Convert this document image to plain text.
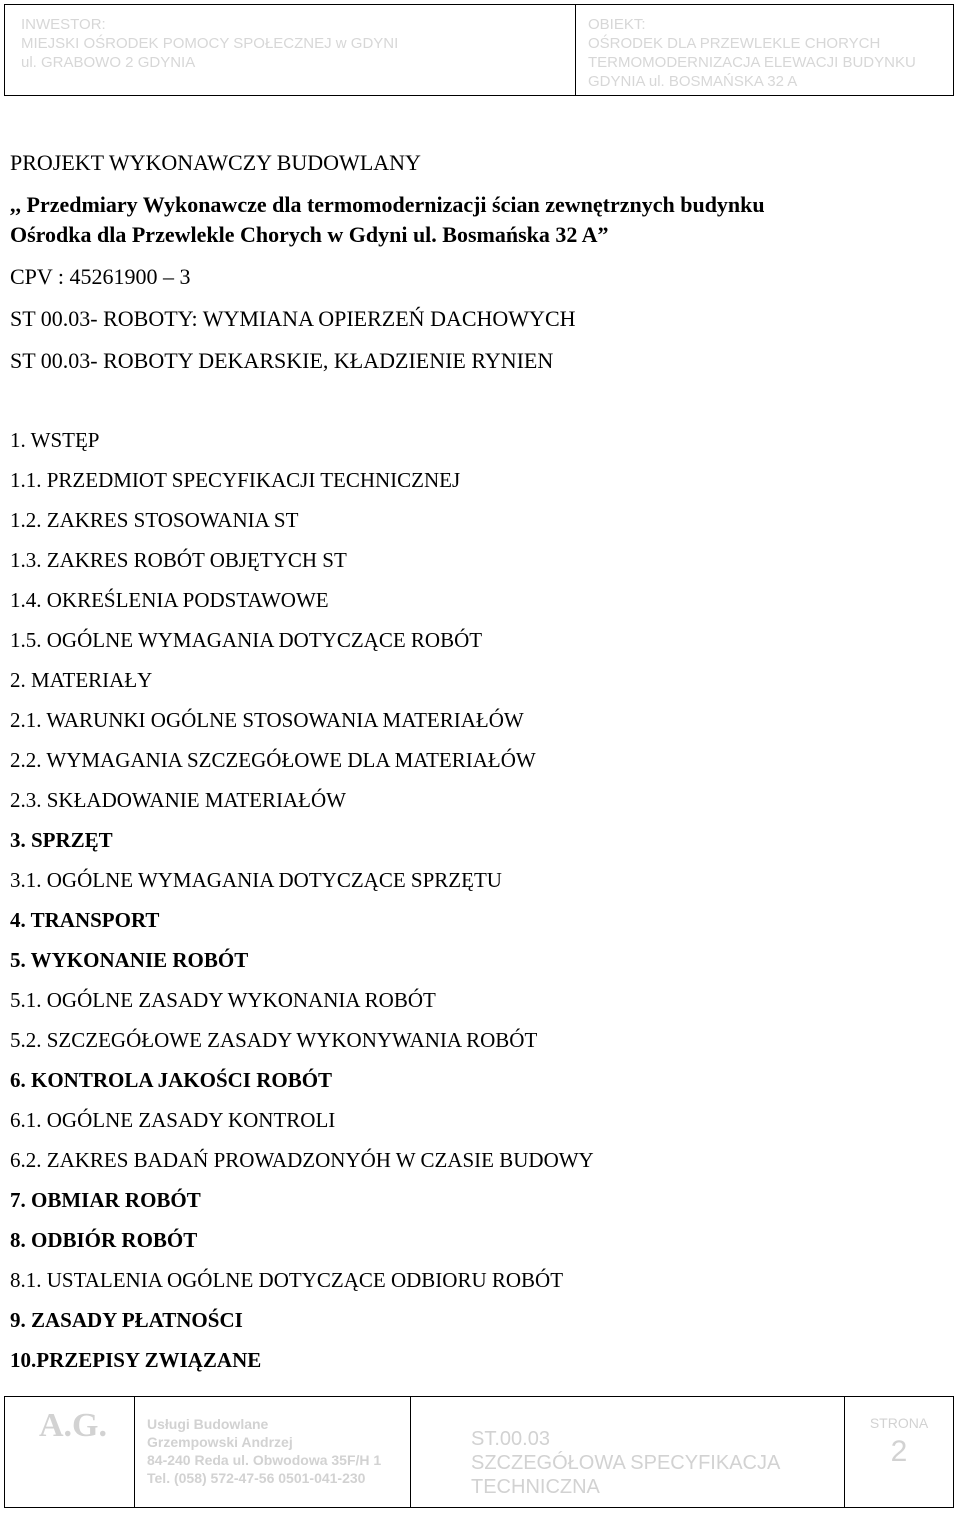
INWESTOR:
MIEJSKI OŚRODEK POMOCY SPOŁECZNEJ w GDYNI
ul. GRABOWO 2 GDYNIA
OBIEKT:
OŚRODEK DLA PRZEWLEKLE CHORYCH
TERMOMODERNIZACJA ELEWACJI BUDYNKU
GDYNIA ul. BOSMAŃSKA 32 A
PROJEKT WYKONAWCZY BUDOWLANY
,, Przedmiary Wykonawcze dla termomodernizacji ścian zewnętrznych budynku
Ośrodka dla Przewlekle Chorych w Gdyni ul. Bosmańska 32 A”
CPV : 45261900 – 3
ST 00.03- ROBOTY: WYMIANA OPIERZEŃ DACHOWYCH
ST 00.03- ROBOTY DEKARSKIE, KŁADZIENIE RYNIEN
1. WSTĘP
1.1. PRZEDMIOT SPECYFIKACJI TECHNICZNEJ
1.2. ZAKRES STOSOWANIA ST
1.3. ZAKRES ROBÓT OBJĘTYCH ST
1.4. OKREŚLENIA PODSTAWOWE
1.5. OGÓLNE WYMAGANIA DOTYCZĄCE ROBÓT
2. MATERIAŁY
2.1. WARUNKI OGÓLNE STOSOWANIA MATERIAŁÓW
2.2. WYMAGANIA SZCZEGÓŁOWE DLA MATERIAŁÓW
2.3. SKŁADOWANIE MATERIAŁÓW
3. SPRZĘT
3.1. OGÓLNE WYMAGANIA DOTYCZĄCE SPRZĘTU
4. TRANSPORT
5. WYKONANIE ROBÓT
5.1. OGÓLNE ZASADY WYKONANIA ROBÓT
5.2. SZCZEGÓŁOWE ZASADY WYKONYWANIA ROBÓT
6. KONTROLA JAKOŚCI ROBÓT
6.1. OGÓLNE ZASADY KONTROLI
6.2. ZAKRES BADAŃ PROWADZONYÓH W CZASIE BUDOWY
7. OBMIAR ROBÓT
8. ODBIÓR ROBÓT
8.1. USTALENIA OGÓLNE DOTYCZĄCE ODBIORU ROBÓT
9. ZASADY PŁATNOŚCI
10.PRZEPISY ZWIĄZANE
A.G.	Usługi Budowlane
Grzempowski Andrzej
84-240 Reda ul. Obwodowa 35F/H 1
Tel. (058) 572-47-56 0501-041-230
ST.00.03
SZCZEGÓŁOWA SPECYFIKACJA
TECHNICZNA
STRONA
2
